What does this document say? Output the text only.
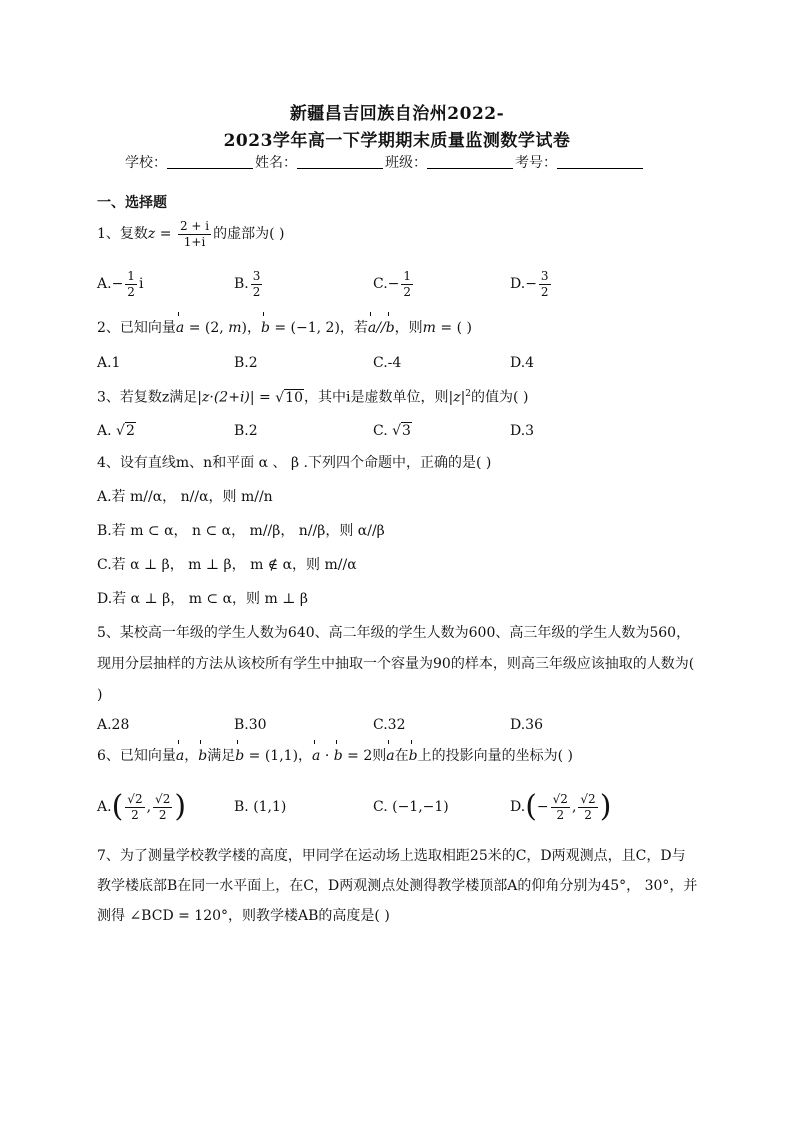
新疆昌吉回族自治州2022-
2023学年高一下学期期末质量监测数学试卷
学校：	姓名：	班级：	考号：
一、选择题
1、复数$z = \frac{2 + i}{1+i}$ 的虚部为( )
A. − $\frac{1}{2}$ i	B. $\frac{3}{2}$	C. − $\frac{1}{2}$	D. − $\frac{3}{2}$
2、已知向量a = (2, m)，b = (−1, 2)，若a//b，则m = ( )
A.1	B.2	C.-4	D.4
3、若复数z满足|z·(2+i)| = √10，其中i是虚数单位，则$|z|^2$的值为( )
A.
√2	B.2	C.
√3	D.3
4、设有直线m、n和平面 α 、 β .下列四个命题中，正确的是( )
A.若 m//α， n//α，则 m//n
B.若 m ⊂ α， n ⊂ α， m//β， n//β，则 α//β
C.若 α ⊥ β， m ⊥ β， m ∉ α，则 m//α
D.若 α ⊥ β， m ⊂ α，则 m ⊥ β
5、某校高一年级的学生人数为640、高二年级的学生人数为600、高三年级的学生人数为560，现用分层抽样的方法从该校所有学生中抽取一个容量为90的样本，则高三年级应该抽取的人数为( )
A.28	B.30	C.32	D.36
6、已知向量a，b满足b = (1,1)，a · b = 2则a在b上的投影向量的坐标为( )
A. ( $\frac{√2}{2}$ , $\frac{√2}{2}$ )	B. (1,1)	C. (−1,−1)	D. ( − $\frac{√2}{2}$ , $\frac{√2}{2}$ )
7、为了测量学校教学楼的高度，甲同学在运动场上选取相距25米的C，D两观测点，且C，D与教学楼底部B在同一水平面上，在C，D两观测点处测得教学楼顶部A的仰角分别为45°， 30°，并测得 ∠BCD = 120°，则教学楼AB的高度是( )
